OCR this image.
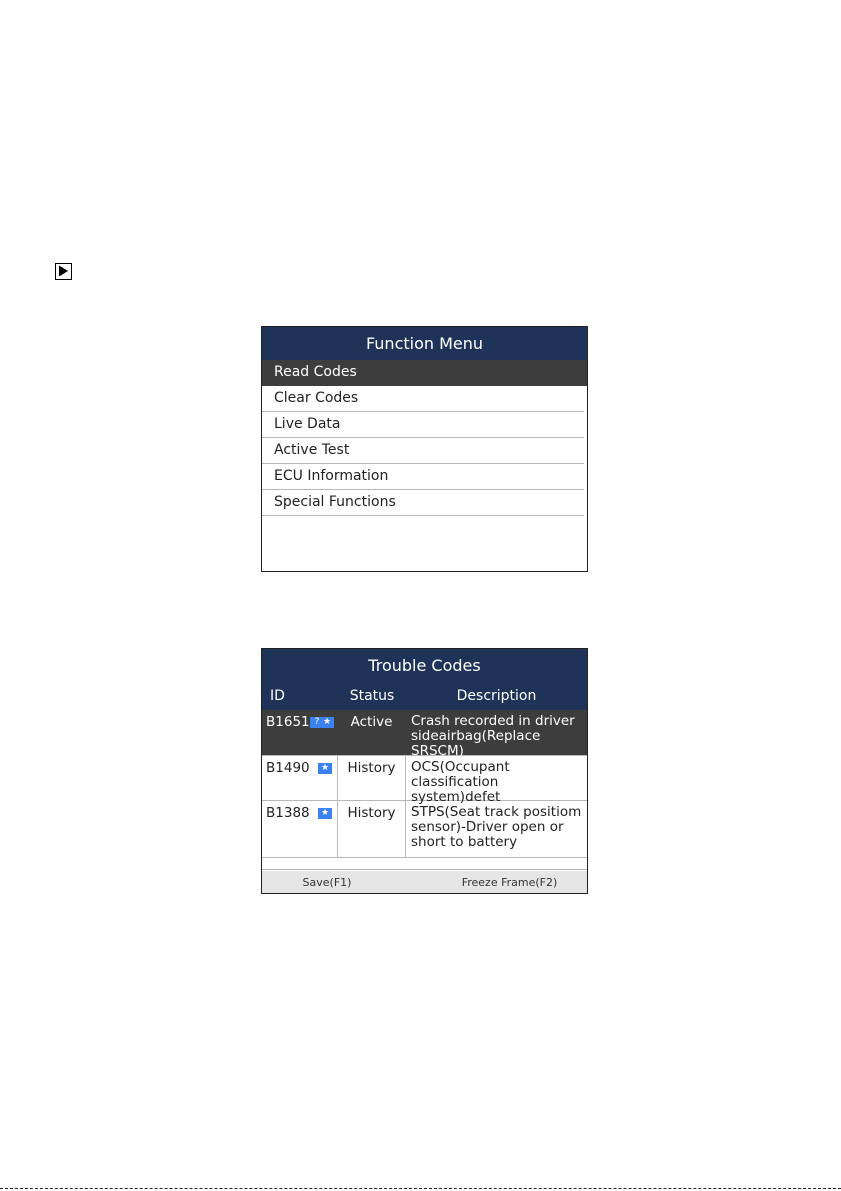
Function Menu
Read Codes
Clear Codes
Live Data
Active Test
ECU Information
Special Functions
Trouble Codes
ID	Status	Description
B1651 ? ★	Active	Crash recorded in driver sideairbag(Replace SRSCM)
B1490	★	History	OCS(Occupant classification system)defet
B1388	★	History	STPS(Seat track positiom sensor)-Driver open or short to battery
Save(F1)	Freeze Frame(F2)
